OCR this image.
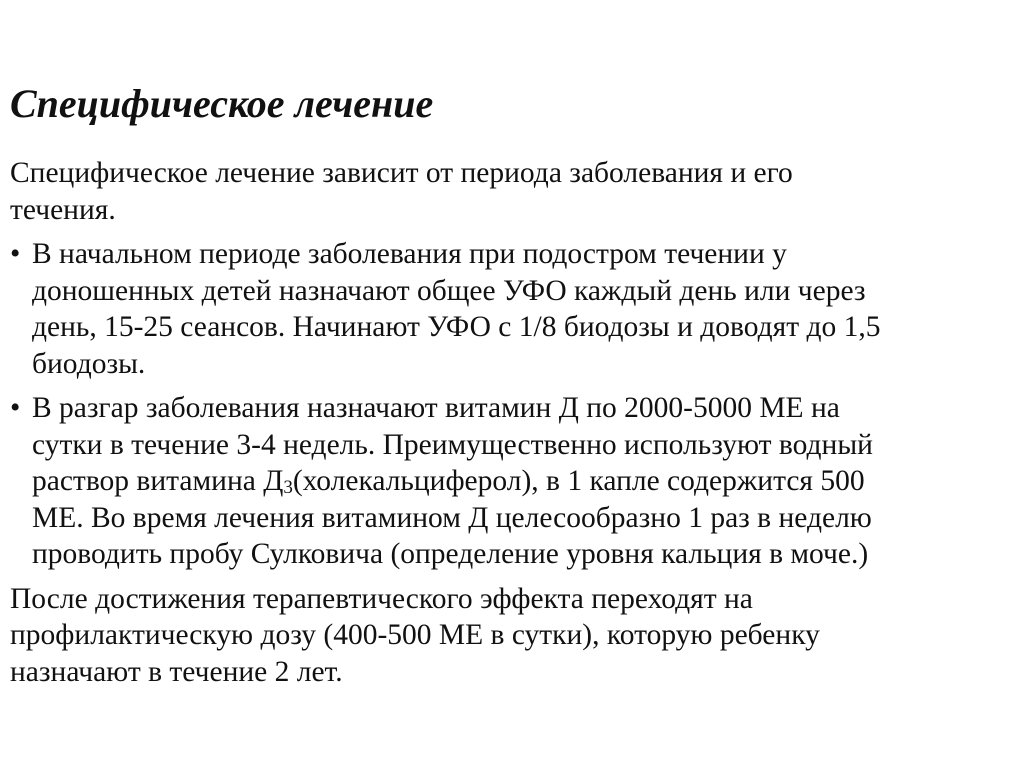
Специфическое лечение
Специфическое лечение зависит от периода заболевания и его
течения.
• В начальном периоде заболевания при подостром течении у
доношенных детей назначают общее УФО каждый день или через
день, 15-25 сеансов. Начинают УФО с 1/8 биодозы и доводят до 1,5
биодозы.
• В разгар заболевания назначают витамин Д по 2000-5000 МЕ на
сутки в течение 3-4 недель. Преимущественно используют водный
раствор витамина $Д_3(холекальциферол)$, в 1 капле содержится 500
МЕ. Во время лечения витамином Д целесообразно 1 раз в неделю
проводить пробу Сулковича (определение уровня кальция в моче.)
После достижения терапевтического эффекта переходят на
профилактическую дозу (400-500 МЕ в сутки), которую ребенку
назначают в течение 2 лет.
